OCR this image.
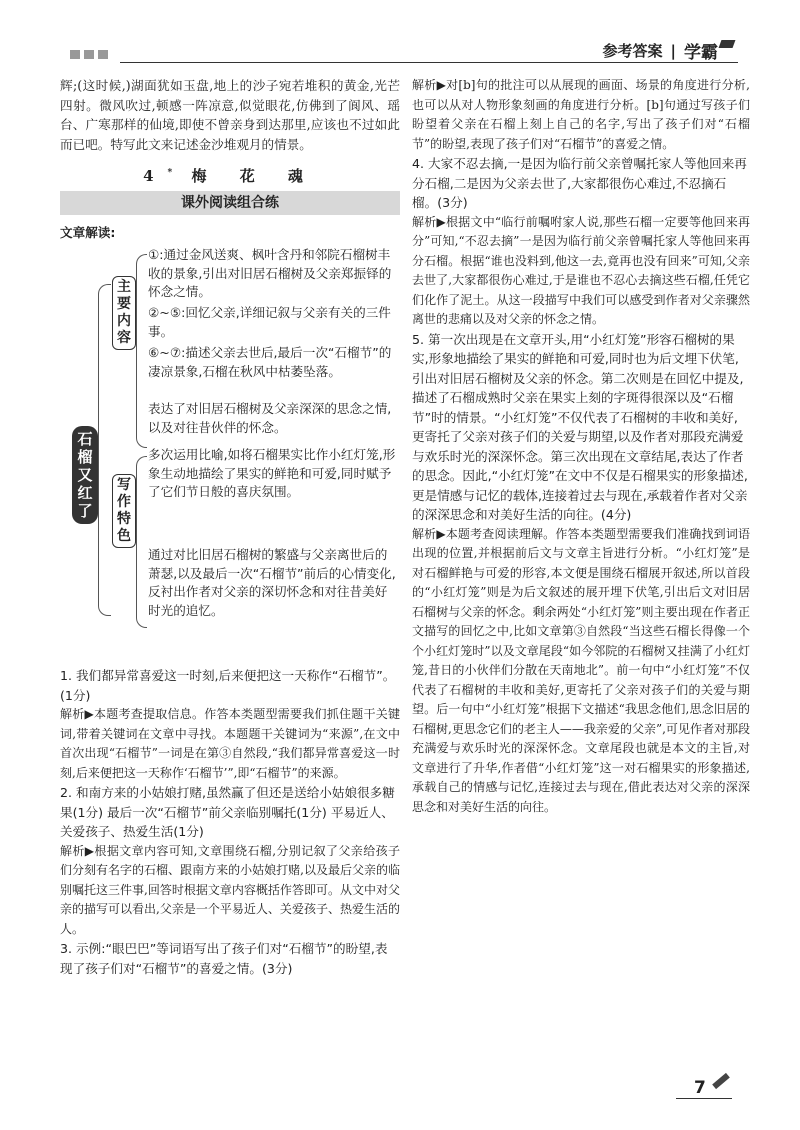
参考答案 | 学霸

辉;(这时候,)湖面犹如玉盘,地上的沙子宛若堆积的黄金,光芒四射。微风吹过,顿感一阵凉意,似觉眼花,仿佛到了阆风、瑶台、广寒那样的仙境,即使不曾亲身到达那里,应该也不过如此而已吧。特写此文来记述金沙堆观月的情景。

4* 梅 花 魂
课外阅读组合练
文章解读:
石榴又红了
主要内容
①:通过金风送爽、枫叶含丹和邻院石榴树丰收的景象,引出对旧居石榴树及父亲郑振铎的怀念之情。
②~⑤:回忆父亲,详细记叙与父亲有关的三件事。
⑥~⑦:描述父亲去世后,最后一次“石榴节”的凄凉景象,石榴在秋风中枯萎坠落。
表达了对旧居石榴树及父亲深深的思念之情,以及对往昔伙伴的怀念。
写作特色
多次运用比喻,如将石榴果实比作小红灯笼,形象生动地描绘了果实的鲜艳和可爱,同时赋予了它们节日般的喜庆氛围。
通过对比旧居石榴树的繁盛与父亲离世后的萧瑟,以及最后一次“石榴节”前后的心情变化,反衬出作者对父亲的深切怀念和对往昔美好时光的追忆。

1. 我们都异常喜爱这一时刻,后来便把这一天称作“石榴节”。(1分)

解析▶本题考查提取信息。作答本类题型需要我们抓住题干关键词,带着关键词在文章中寻找。本题题干关键词为“来源”,在文中首次出现“石榴节”一词是在第③自然段,“我们都异常喜爱这一时刻,后来便把这一天称作‘石榴节’”,即“石榴节”的来源。

2. 和南方来的小姑娘打赌,虽然赢了但还是送给小姑娘很多糖果(1分) 最后一次“石榴节”前父亲临别嘱托(1分) 平易近人、关爱孩子、热爱生活(1分)

解析▶根据文章内容可知,文章围绕石榴,分别记叙了父亲给孩子们分刻有名字的石榴、跟南方来的小姑娘打赌,以及最后父亲的临别嘱托这三件事,回答时根据文章内容概括作答即可。从文中对父亲的描写可以看出,父亲是一个平易近人、关爱孩子、热爱生活的人。

3. 示例:“眼巴巴”等词语写出了孩子们对“石榴节”的盼望,表现了孩子们对“石榴节”的喜爱之情。(3分)

解析▶对[b]句的批注可以从展现的画面、场景的角度进行分析,也可以从对人物形象刻画的角度进行分析。[b]句通过写孩子们盼望着父亲在石榴上刻上自己的名字,写出了孩子们对“石榴节”的盼望,表现了孩子们对“石榴节”的喜爱之情。

4. 大家不忍去摘,一是因为临行前父亲曾嘱托家人等他回来再分石榴,二是因为父亲去世了,大家都很伤心难过,不忍摘石榴。(3分)

解析▶根据文中“临行前嘱咐家人说,那些石榴一定要等他回来再分”可知,“不忍去摘”一是因为临行前父亲曾嘱托家人等他回来再分石榴。根据“谁也没料到,他这一去,竟再也没有回来”可知,父亲去世了,大家都很伤心难过,于是谁也不忍心去摘这些石榴,任凭它们化作了泥土。从这一段描写中我们可以感受到作者对父亲骤然离世的悲痛以及对父亲的怀念之情。

5. 第一次出现是在文章开头,用“小红灯笼”形容石榴树的果实,形象地描绘了果实的鲜艳和可爱,同时也为后文埋下伏笔,引出对旧居石榴树及父亲的怀念。第二次则是在回忆中提及,描述了石榴成熟时父亲在果实上刻的字斑得很深以及“石榴节”时的情景。“小红灯笼”不仅代表了石榴树的丰收和美好,更寄托了父亲对孩子们的关爱与期望,以及作者对那段充满爱与欢乐时光的深深怀念。第三次出现在文章结尾,表达了作者的思念。因此,“小红灯笼”在文中不仅是石榴果实的形象描述,更是情感与记忆的载体,连接着过去与现在,承载着作者对父亲的深深思念和对美好生活的向往。(4分)

解析▶本题考查阅读理解。作答本类题型需要我们准确找到词语出现的位置,并根据前后文与文章主旨进行分析。“小红灯笼”是对石榴鲜艳与可爱的形容,本文便是围绕石榴展开叙述,所以首段的“小红灯笼”则是为后文叙述的展开埋下伏笔,引出后文对旧居石榴树与父亲的怀念。剩余两处“小红灯笼”则主要出现在作者正文描写的回忆之中,比如文章第③自然段“当这些石榴长得像一个个小红灯笼时”以及文章尾段“如今邻院的石榴树又挂满了小红灯笼,昔日的小伙伴们分散在天南地北”。前一句中“小红灯笼”不仅代表了石榴树的丰收和美好,更寄托了父亲对孩子们的关爱与期望。后一句中“小红灯笼”根据下文描述“我思念他们,思念旧居的石榴树,更思念它们的老主人——我亲爱的父亲”,可见作者对那段充满爱与欢乐时光的深深怀念。文章尾段也就是本文的主旨,对文章进行了升华,作者借“小红灯笼”这一对石榴果实的形象描述,承载自己的情感与记忆,连接过去与现在,借此表达对父亲的深深思念和对美好生活的向往。

7
